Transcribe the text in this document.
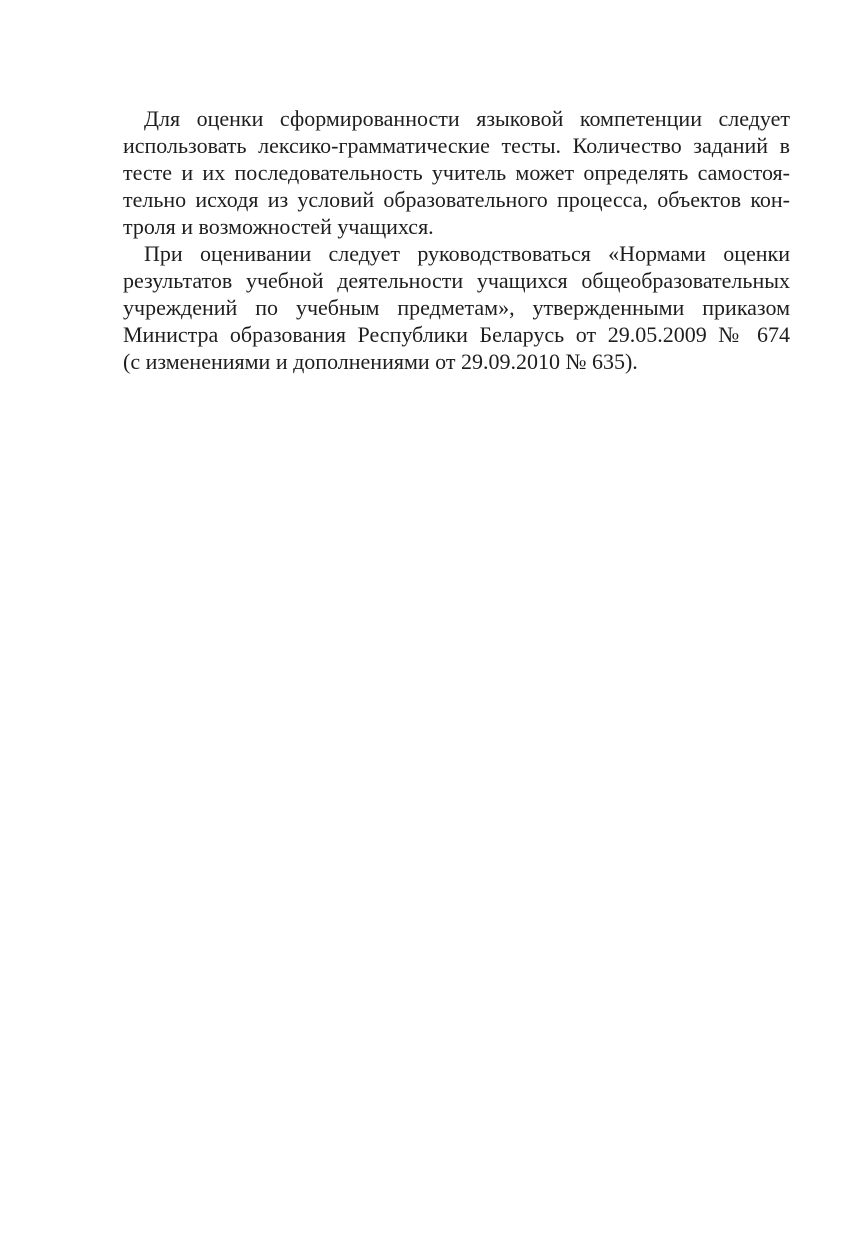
Для оценки сформированности языковой компетенции следует
использовать лексико-грамматические тесты. Количество заданий в
тесте и их последовательность учитель может определять самостоя-
тельно исходя из условий образовательного процесса, объектов кон-
троля и возможностей учащихся.
При оценивании следует руководствоваться «Нормами оценки
результатов учебной деятельности учащихся общеобразовательных
учреждений по учебным предметам», утвержденными приказом
Министра образования Республики Беларусь от 29.05.2009 № 674
(с изменениями и дополнениями от 29.09.2010 № 635).
